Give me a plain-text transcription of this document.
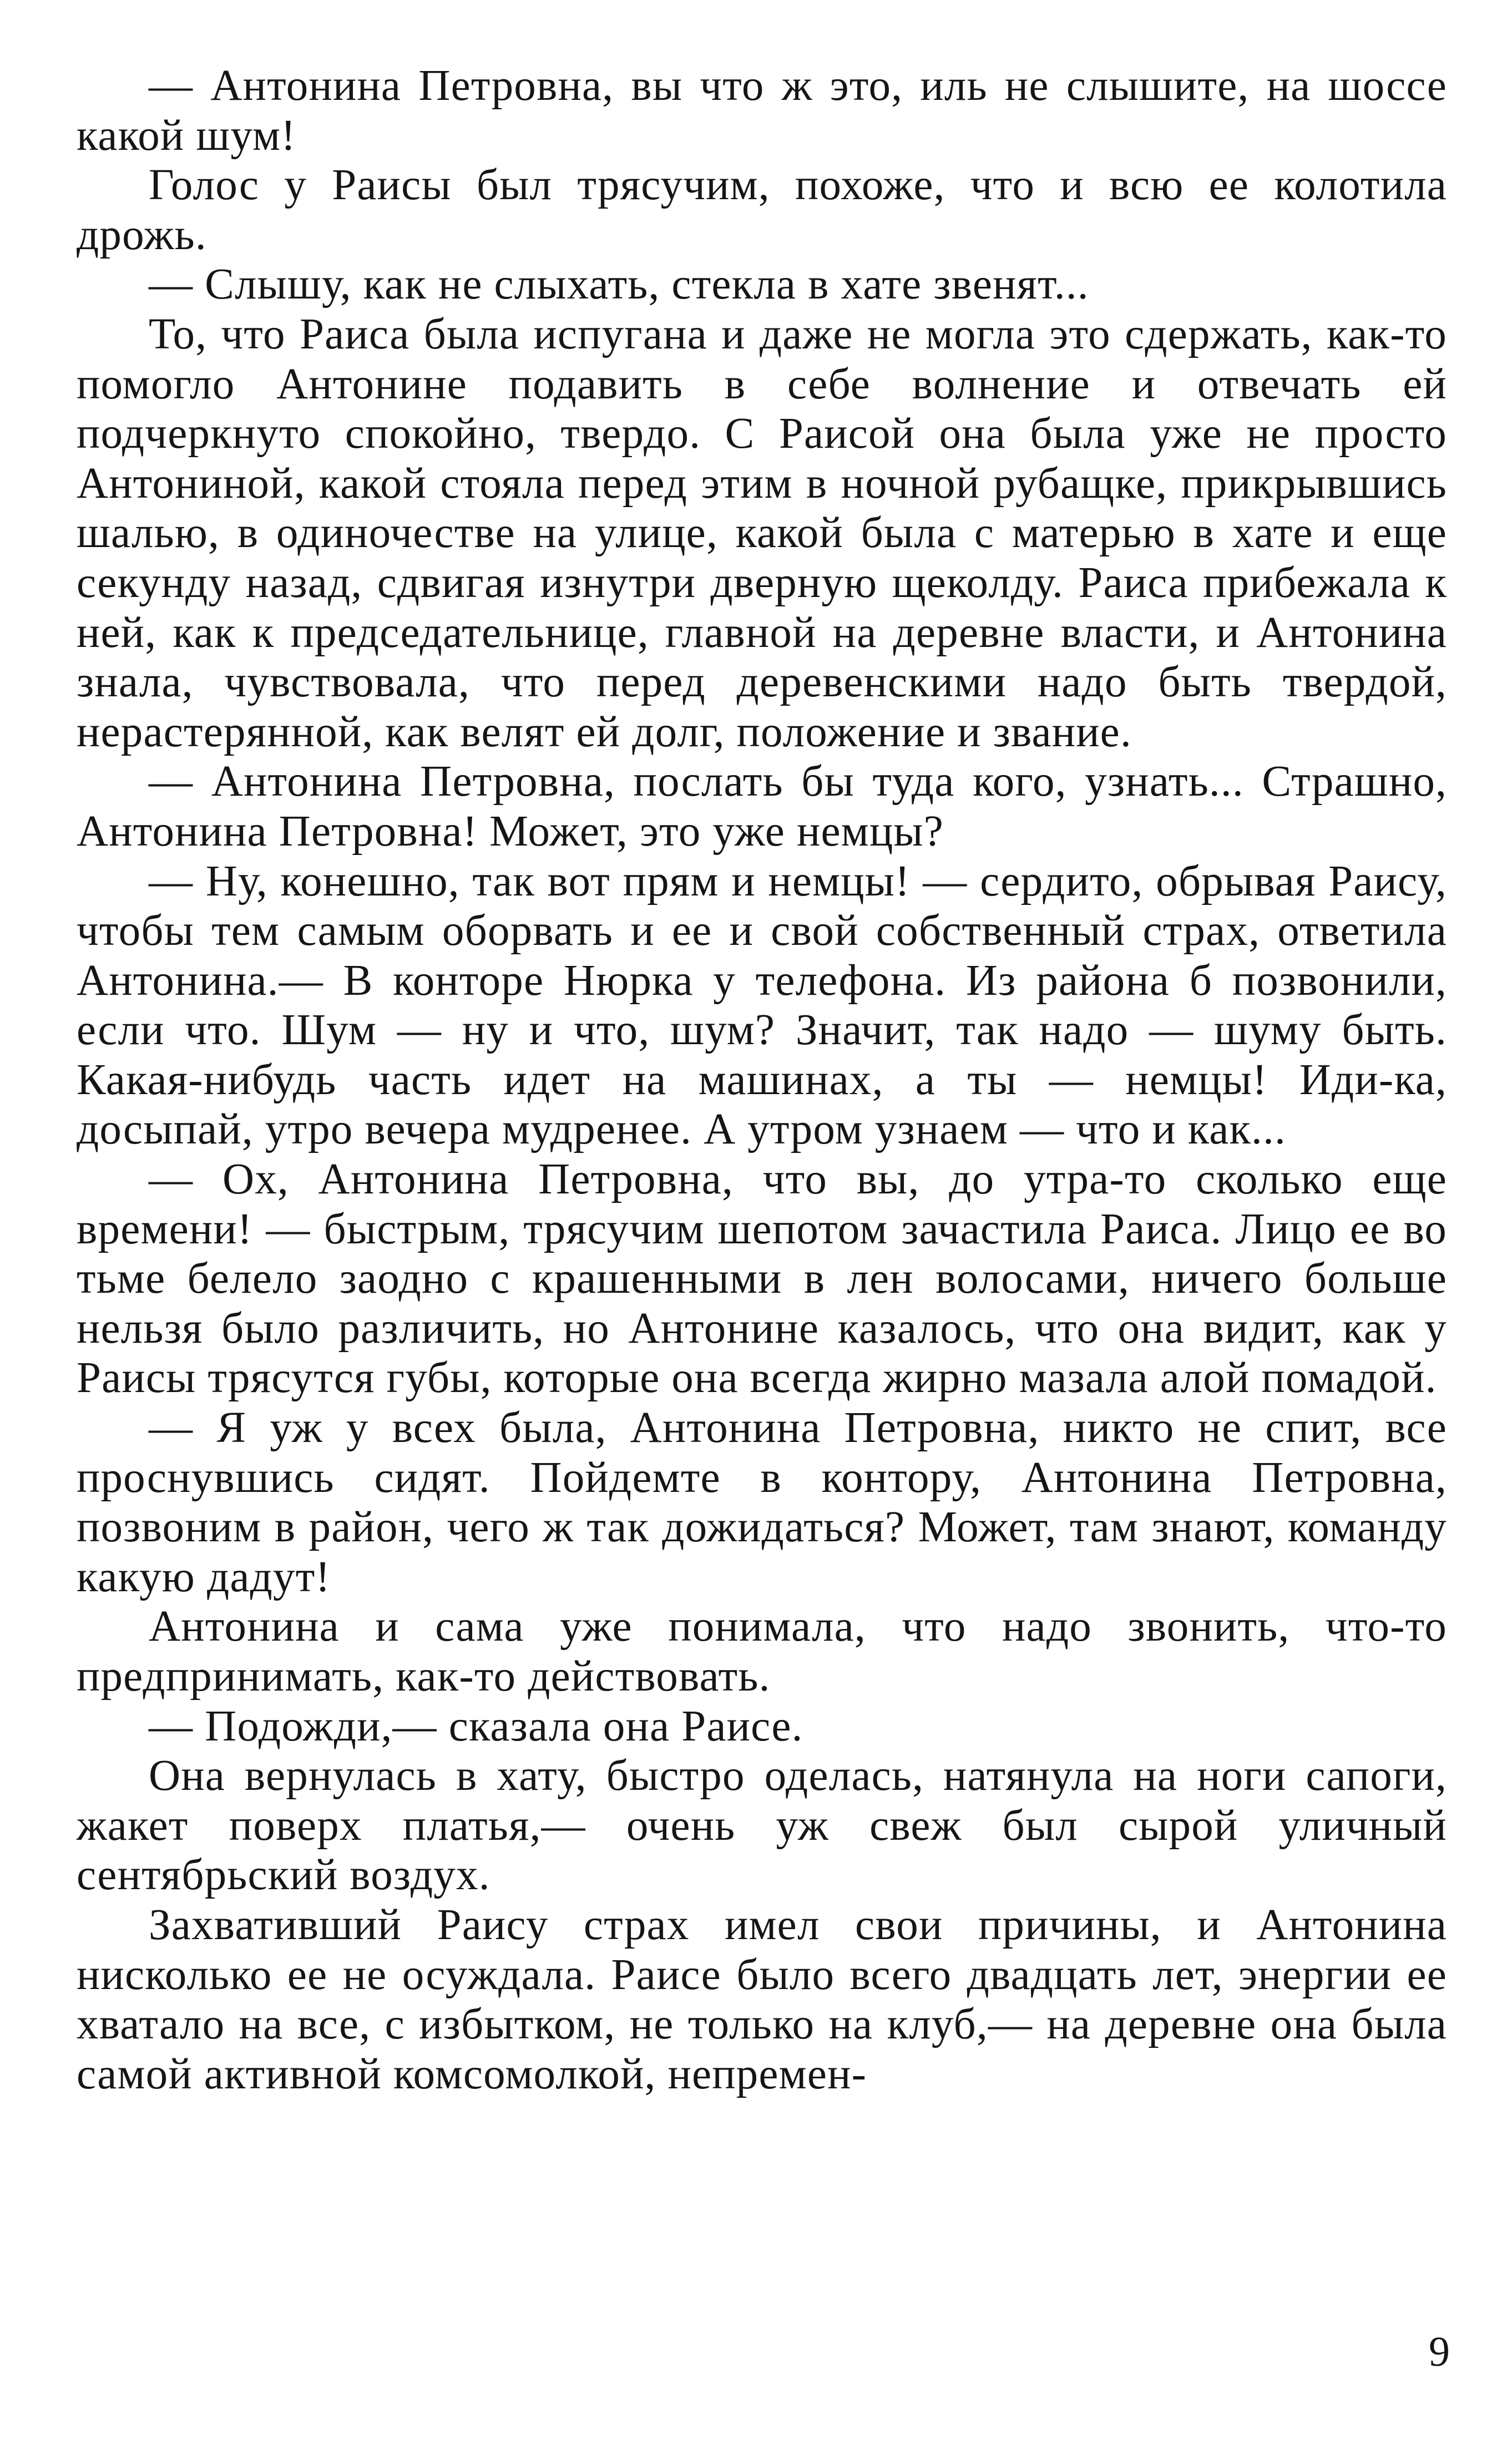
— Антонина Петровна, вы что ж это, иль не слышите, на шоссе какой шум!

Голос у Раисы был трясучим, похоже, что и всю ее колотила дрожь.

— Слышу, как не слыхать, стекла в хате звенят...

То, что Раиса была испугана и даже не могла это сдержать, как-то помогло Антонине подавить в себе волнение и отвечать ей подчеркнуто спокойно, твердо. С Раисой она была уже не просто Антониной, какой стояла перед этим в ночной рубащке, прикрывшись шалью, в одиночестве на улице, какой была с матерью в хате и еще секунду назад, сдвигая изнутри дверную щеколду. Раиса прибежала к ней, как к председательнице, главной на деревне власти, и Антонина знала, чувствовала, что перед деревенскими надо быть твердой, нерастерянной, как велят ей долг, положение и звание.

— Антонина Петровна, послать бы туда кого, узнать... Страшно, Антонина Петровна! Может, это уже немцы?

— Ну, конешно, так вот прям и немцы! — сердито, обрывая Раису, чтобы тем самым оборвать и ее и свой собственный страх, ответила Антонина.— В конторе Нюрка у телефона. Из района б позвонили, если что. Шум — ну и что, шум? Значит, так надо — шуму быть. Какая-нибудь часть идет на машинах, а ты — немцы! Иди-ка, досыпай, утро вечера мудренее. А утром узнаем — что и как...

— Ох, Антонина Петровна, что вы, до утра-то сколько еще времени! — быстрым, трясучим шепотом зачастила Раиса. Лицо ее во тьме белело заодно с крашенными в лен волосами, ничего больше нельзя было различить, но Антонине казалось, что она видит, как у Раисы трясутся губы, которые она всегда жирно мазала алой помадой.

— Я уж у всех была, Антонина Петровна, никто не спит, все проснувшись сидят. Пойдемте в контору, Антонина Петровна, позвоним в район, чего ж так дожидаться? Может, там знают, команду какую дадут!

Антонина и сама уже понимала, что надо звонить, что-то предпринимать, как-то действовать.

— Подожди,— сказала она Раисе.

Она вернулась в хату, быстро оделась, натянула на ноги сапоги, жакет поверх платья,— очень уж свеж был сырой уличный сентябрьский воздух.

Захвативший Раису страх имел свои причины, и Антонина нисколько ее не осуждала. Раисе было всего двадцать лет, энергии ее хватало на все, с избытком, не только на клуб,— на деревне она была самой активной комсомолкой, непремен-

9
